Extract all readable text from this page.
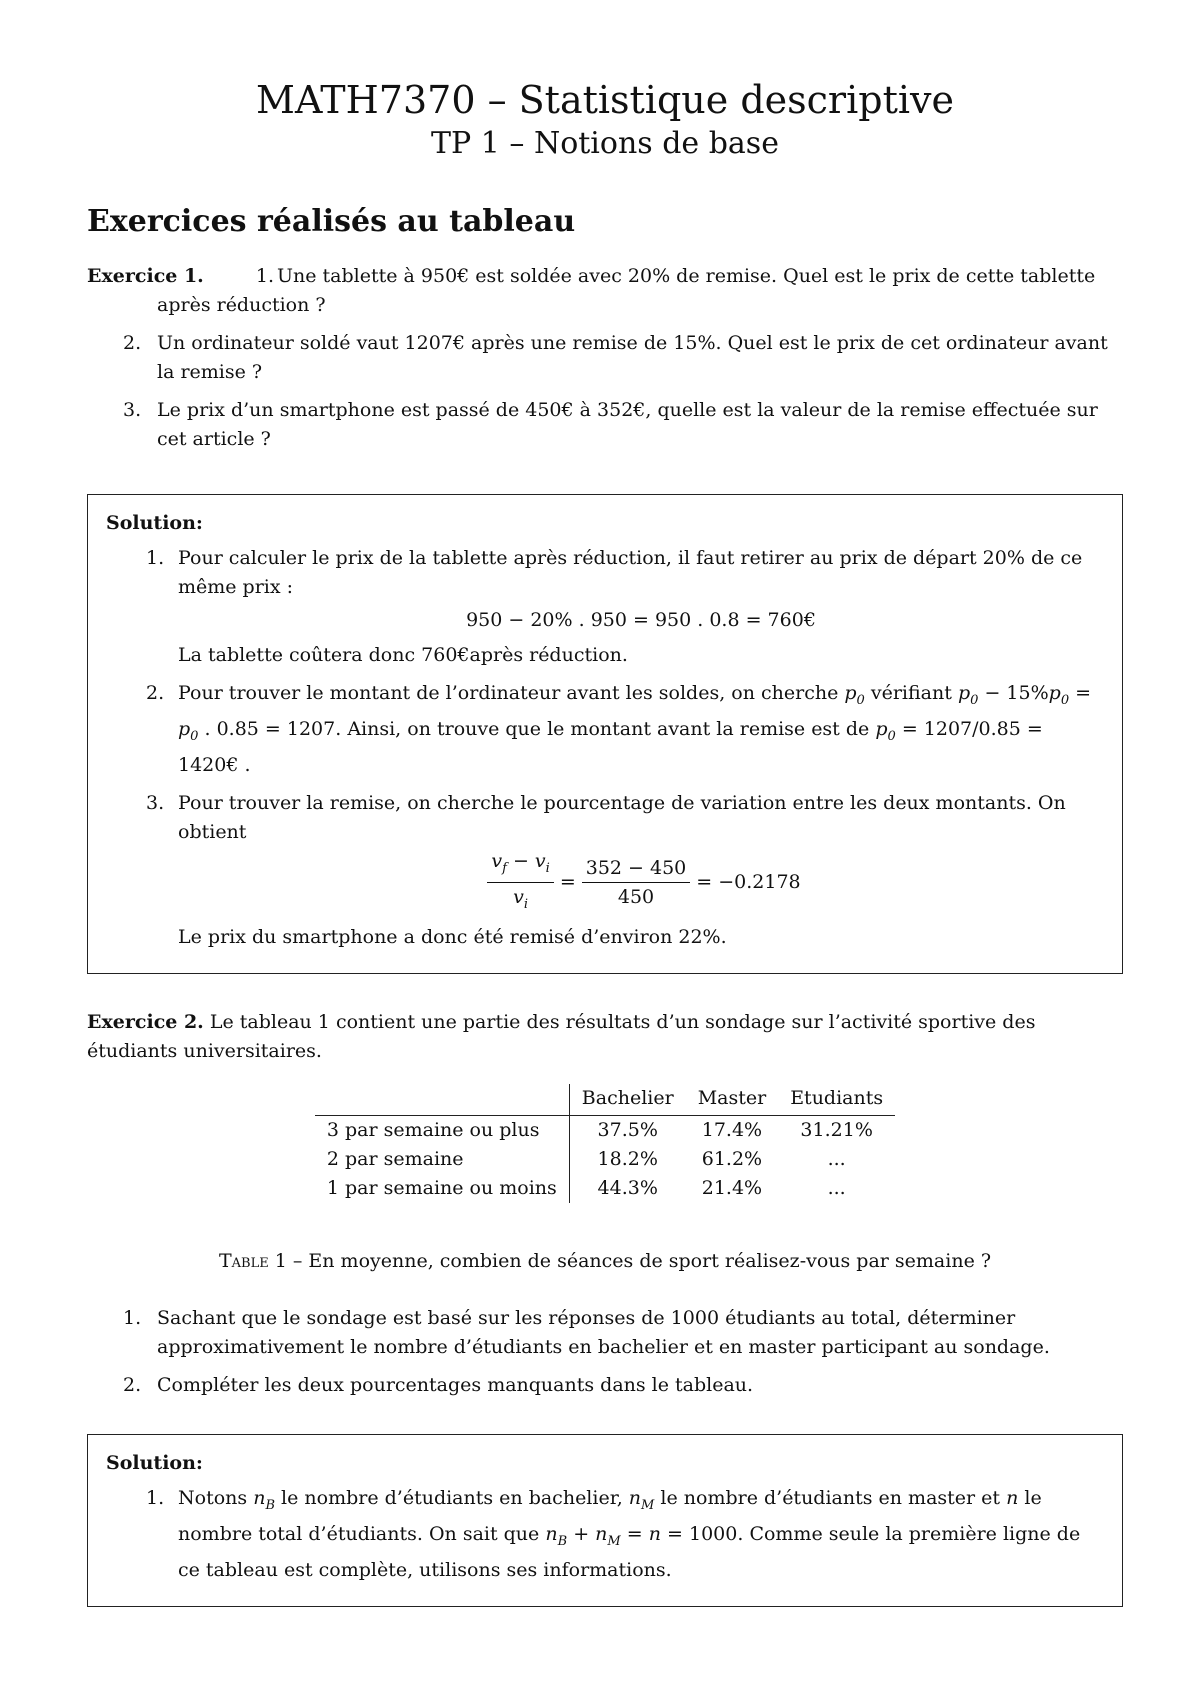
MATH7370 – Statistique descriptive
TP 1 – Notions de base
Exercices réalisés au tableau
Exercice 1.	1. Une tablette à 950€ est soldée avec 20% de remise. Quel est le prix de cette tablette après réduction ?
2. Un ordinateur soldé vaut 1207€ après une remise de 15%. Quel est le prix de cet ordinateur avant la remise ?
3. Le prix d’un smartphone est passé de 450€ à 352€, quelle est la valeur de la remise effectuée sur cet article ?
Solution:
1. Pour calculer le prix de la tablette après réduction, il faut retirer au prix de départ 20% de ce même prix :
950 − 20% . 950 = 950 . 0.8 = 760€
La tablette coûtera donc 760€après réduction.
2. Pour trouver le montant de l’ordinateur avant les soldes, on cherche $p_0$ vérifiant $p_0 - 15\%p_0 = p_0$ . 0.85 = 1207. Ainsi, on trouve que le montant avant la remise est de $p_0 = 1207/0.85$ = 1420€ .
3. Pour trouver la remise, on cherche le pourcentage de variation entre les deux montants. On obtient
$\frac{v_f - v_i}{v_i} = \frac{352 - 450}{450} = -0.2178$
Le prix du smartphone a donc été remisé d’environ 22%.
Exercice 2. Le tableau 1 contient une partie des résultats d’un sondage sur l’activité sportive des étudiants universitaires.
	Bachelier	Master	Etudiants
3 par semaine ou plus	37.5%	17.4%	31.21%
2 par semaine	18.2%	61.2%	...
1 par semaine ou moins	44.3%	21.4%	...
Table 1 – En moyenne, combien de séances de sport réalisez-vous par semaine ?
1. Sachant que le sondage est basé sur les réponses de 1000 étudiants au total, déterminer approximativement le nombre d’étudiants en bachelier et en master participant au sondage.
2. Compléter les deux pourcentages manquants dans le tableau.
Solution:
1. Notons $n_B$ le nombre d’étudiants en bachelier, $n_M$ le nombre d’étudiants en master et n le nombre total d’étudiants. On sait que $n_B + n_M = n = 1000$. Comme seule la première ligne de ce tableau est complète, utilisons ses informations.
